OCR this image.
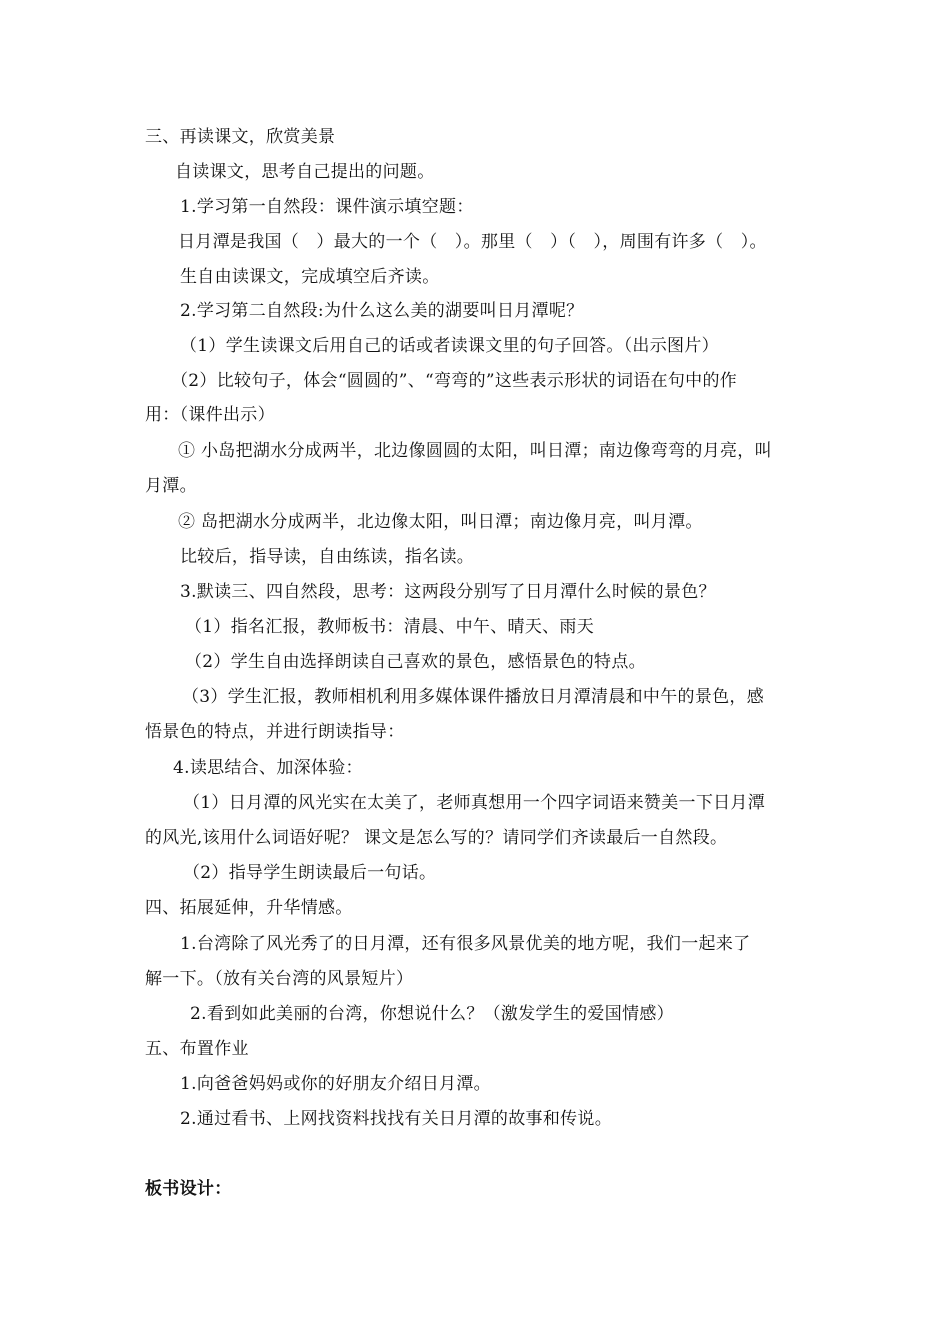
三、再读课文，欣赏美景
自读课文，思考自己提出的问题。
1.学习第一自然段：课件演示填空题：
日月潭是我国（　）最大的一个（　）。那里（　）（　），周围有许多（　）。
生自由读课文，完成填空后齐读。
2.学习第二自然段:为什么这么美的湖要叫日月潭呢？
（1）学生读课文后用自己的话或者读课文里的句子回答。（出示图片）
（2）比较句子，体会“圆圆的”、“弯弯的”这些表示形状的词语在句中的作
用：（课件出示）
① 小岛把湖水分成两半，北边像圆圆的太阳，叫日潭；南边像弯弯的月亮，叫
月潭。
② 岛把湖水分成两半，北边像太阳，叫日潭；南边像月亮，叫月潭。
比较后，指导读，自由练读，指名读。
3.默读三、四自然段，思考：这两段分别写了日月潭什么时候的景色？
（1）指名汇报，教师板书：清晨、中午、晴天、雨天
（2）学生自由选择朗读自己喜欢的景色，感悟景色的特点。
（3）学生汇报，教师相机利用多媒体课件播放日月潭清晨和中午的景色，感
悟景色的特点，并进行朗读指导：
4.读思结合、加深体验：
（1）日月潭的风光实在太美了，老师真想用一个四字词语来赞美一下日月潭
的风光,该用什么词语好呢？ 课文是怎么写的？请同学们齐读最后一自然段。
（2）指导学生朗读最后一句话。
四、拓展延伸，升华情感。
1.台湾除了风光秀了的日月潭，还有很多风景优美的地方呢，我们一起来了
解一下。（放有关台湾的风景短片）
2.看到如此美丽的台湾，你想说什么？（激发学生的爱国情感）
五、布置作业
1.向爸爸妈妈或你的好朋友介绍日月潭。
2.通过看书、上网找资料找找有关日月潭的故事和传说。
板书设计：
